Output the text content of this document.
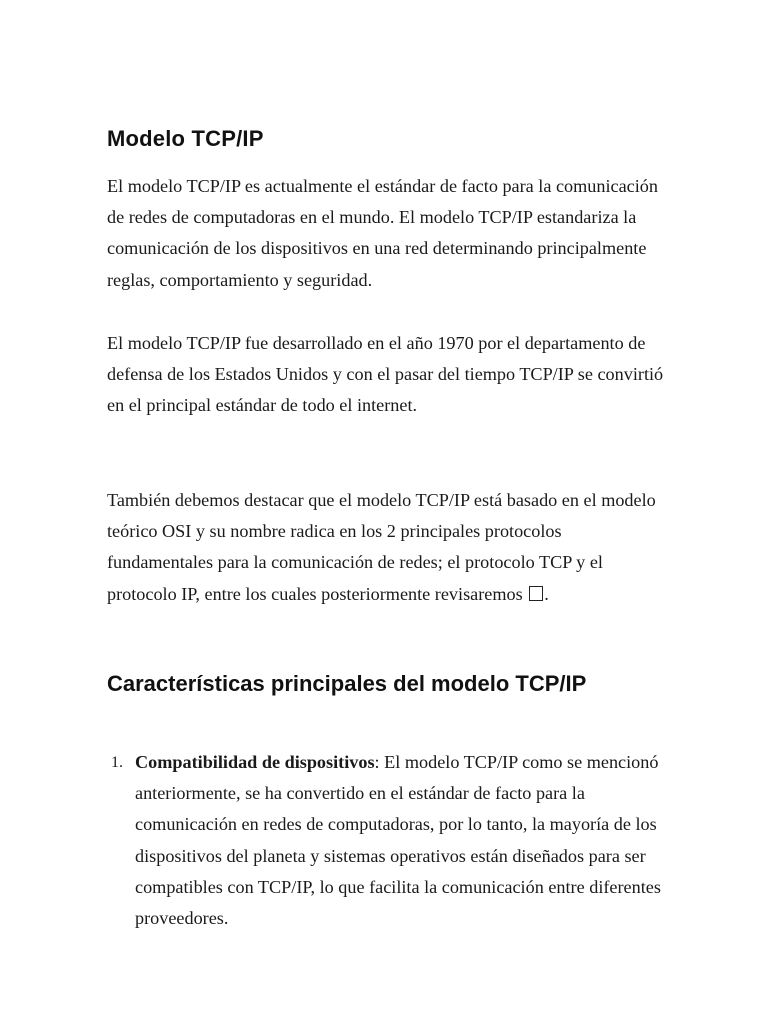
Modelo TCP/IP

El modelo TCP/IP es actualmente el estándar de facto para la comunicación de redes de computadoras en el mundo. El modelo TCP/IP estandariza la comunicación de los dispositivos en una red determinando principalmente reglas, comportamiento y seguridad.

El modelo TCP/IP fue desarrollado en el año 1970 por el departamento de defensa de los Estados Unidos y con el pasar del tiempo TCP/IP se convirtió en el principal estándar de todo el internet.

También debemos destacar que el modelo TCP/IP está basado en el modelo teórico OSI y su nombre radica en los 2 principales protocolos fundamentales para la comunicación de redes; el protocolo TCP y el protocolo IP, entre los cuales posteriormente revisaremos .

Características principales del modelo TCP/IP
1. Compatibilidad de dispositivos: El modelo TCP/IP como se mencionó anteriormente, se ha convertido en el estándar de facto para la comunicación en redes de computadoras, por lo tanto, la mayoría de los dispositivos del planeta y sistemas operativos están diseñados para ser compatibles con TCP/IP, lo que facilita la comunicación entre diferentes proveedores.
